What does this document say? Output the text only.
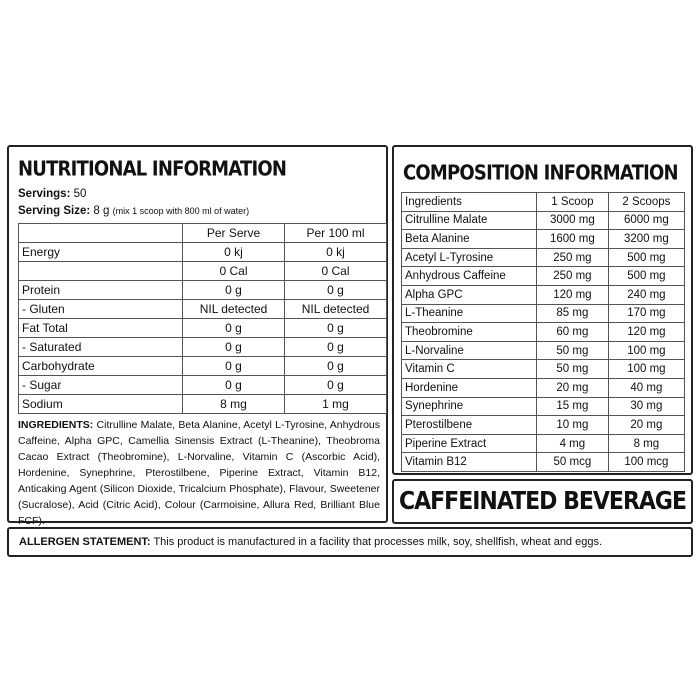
NUTRITIONAL INFORMATION
Servings: 50
Serving Size: 8 g (mix 1 scoop with 800 ml of water)
	Per Serve	Per 100 ml
Energy	0 kj	0 kj
	0 Cal	0 Cal
Protein	0 g	0 g
- Gluten	NIL detected	NIL detected
Fat Total	0 g	0 g
- Saturated	0 g	0 g
Carbohydrate	0 g	0 g
- Sugar	0 g	0 g
Sodium	8 mg	1 mg

INGREDIENTS: Citrulline Malate, Beta Alanine, Acetyl L-Tyrosine, Anhydrous Caffeine, Alpha GPC, Camellia Sinensis Extract (L-Theanine), Theobroma Cacao Extract (Theobromine), L-Norvaline, Vitamin C (Ascorbic Acid), Hordenine, Synephrine, Pterostilbene, Piperine Extract, Vitamin B12, Anticaking Agent (Silicon Dioxide, Tricalcium Phosphate), Flavour, Sweetener (Sucralose), Acid (Citric Acid), Colour (Carmoisine, Allura Red, Brilliant Blue FCF).

COMPOSITION INFORMATION
Ingredients	1 Scoop	2 Scoops
Citrulline Malate	3000 mg	6000 mg
Beta Alanine	1600 mg	3200 mg
Acetyl L-Tyrosine	250 mg	500 mg
Anhydrous Caffeine	250 mg	500 mg
Alpha GPC	120 mg	240 mg
L-Theanine	85 mg	170 mg
Theobromine	60 mg	120 mg
L-Norvaline	50 mg	100 mg
Vitamin C	50 mg	100 mg
Hordenine	20 mg	40 mg
Synephrine	15 mg	30 mg
Pterostilbene	10 mg	20 mg
Piperine Extract	4 mg	8 mg
Vitamin B12	50 mcg	100 mcg
CAFFEINATED BEVERAGE

ALLERGEN STATEMENT: This product is manufactured in a facility that processes milk, soy, shellfish, wheat and eggs.
